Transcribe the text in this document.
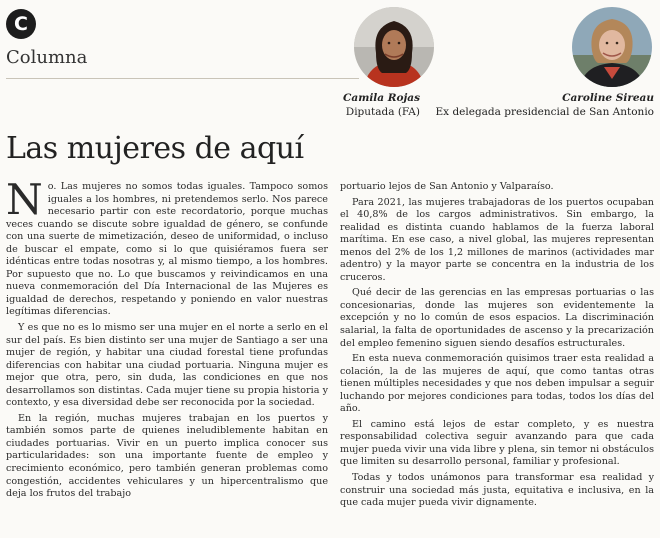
C
Columna
Camila Rojas
Diputada (FA)
Caroline Sireau
Ex delegada presidencial de San Antonio
Las mujeres de aquí

No. Las mujeres no somos todas iguales. Tampoco somos iguales a los hombres, ni pretendemos serlo. Nos parece necesario partir con este recordatorio, porque muchas veces cuando se discute sobre igualdad de género, se confunde con una suerte de mimetización, deseo de uniformidad, o incluso de buscar el empate, como si lo que quisiéramos fuera ser idénticas entre todas nosotras y, al mismo tiempo, a los hombres. Por supuesto que no. Lo que buscamos y reivindicamos en una nueva conmemoración del Día Internacional de las Mujeres es igualdad de derechos, respetando y poniendo en valor nuestras legítimas diferencias.

Y es que no es lo mismo ser una mujer en el norte a serlo en el sur del país. Es bien distinto ser una mujer de Santiago a ser una mujer de región, y habitar una ciudad forestal tiene profundas diferencias con habitar una ciudad portuaria. Ninguna mujer es mejor que otra, pero, sin duda, las condiciones en que nos desarrollamos son distintas. Cada mujer tiene su propia historia y contexto, y esa diversidad debe ser reconocida por la sociedad.

En la región, muchas mujeres trabajan en los puertos y también somos parte de quienes ineludiblemente habitan en ciudades portuarias. Vivir en un puerto implica conocer sus particularidades: son una importante fuente de empleo y crecimiento económico, pero también generan problemas como congestión, accidentes vehiculares y un hipercentralismo que deja los frutos del trabajo

portuario lejos de San Antonio y Valparaíso.

Para 2021, las mujeres trabajadoras de los puertos ocupaban el 40,8% de los cargos administrativos. Sin embargo, la realidad es distinta cuando hablamos de la fuerza laboral marítima. En ese caso, a nivel global, las mujeres representan menos del 2% de los 1,2 millones de marinos (actividades mar adentro) y la mayor parte se concentra en la industria de los cruceros.

Qué decir de las gerencias en las empresas portuarias o las concesionarias, donde las mujeres son evidentemente la excepción y no lo común de esos espacios. La discriminación salarial, la falta de oportunidades de ascenso y la precarización del empleo femenino siguen siendo desafíos estructurales.

En esta nueva conmemoración quisimos traer esta realidad a colación, la de las mujeres de aquí, que como tantas otras tienen múltiples necesidades y que nos deben impulsar a seguir luchando por mejores condiciones para todas, todos los días del año.

El camino está lejos de estar completo, y es nuestra responsabilidad colectiva seguir avanzando para que cada mujer pueda vivir una vida libre y plena, sin temor ni obstáculos que limiten su desarrollo personal, familiar y profesional.

Todas y todos unámonos para transformar esa realidad y construir una sociedad más justa, equitativa e inclusiva, en la que cada mujer pueda vivir dignamente.
